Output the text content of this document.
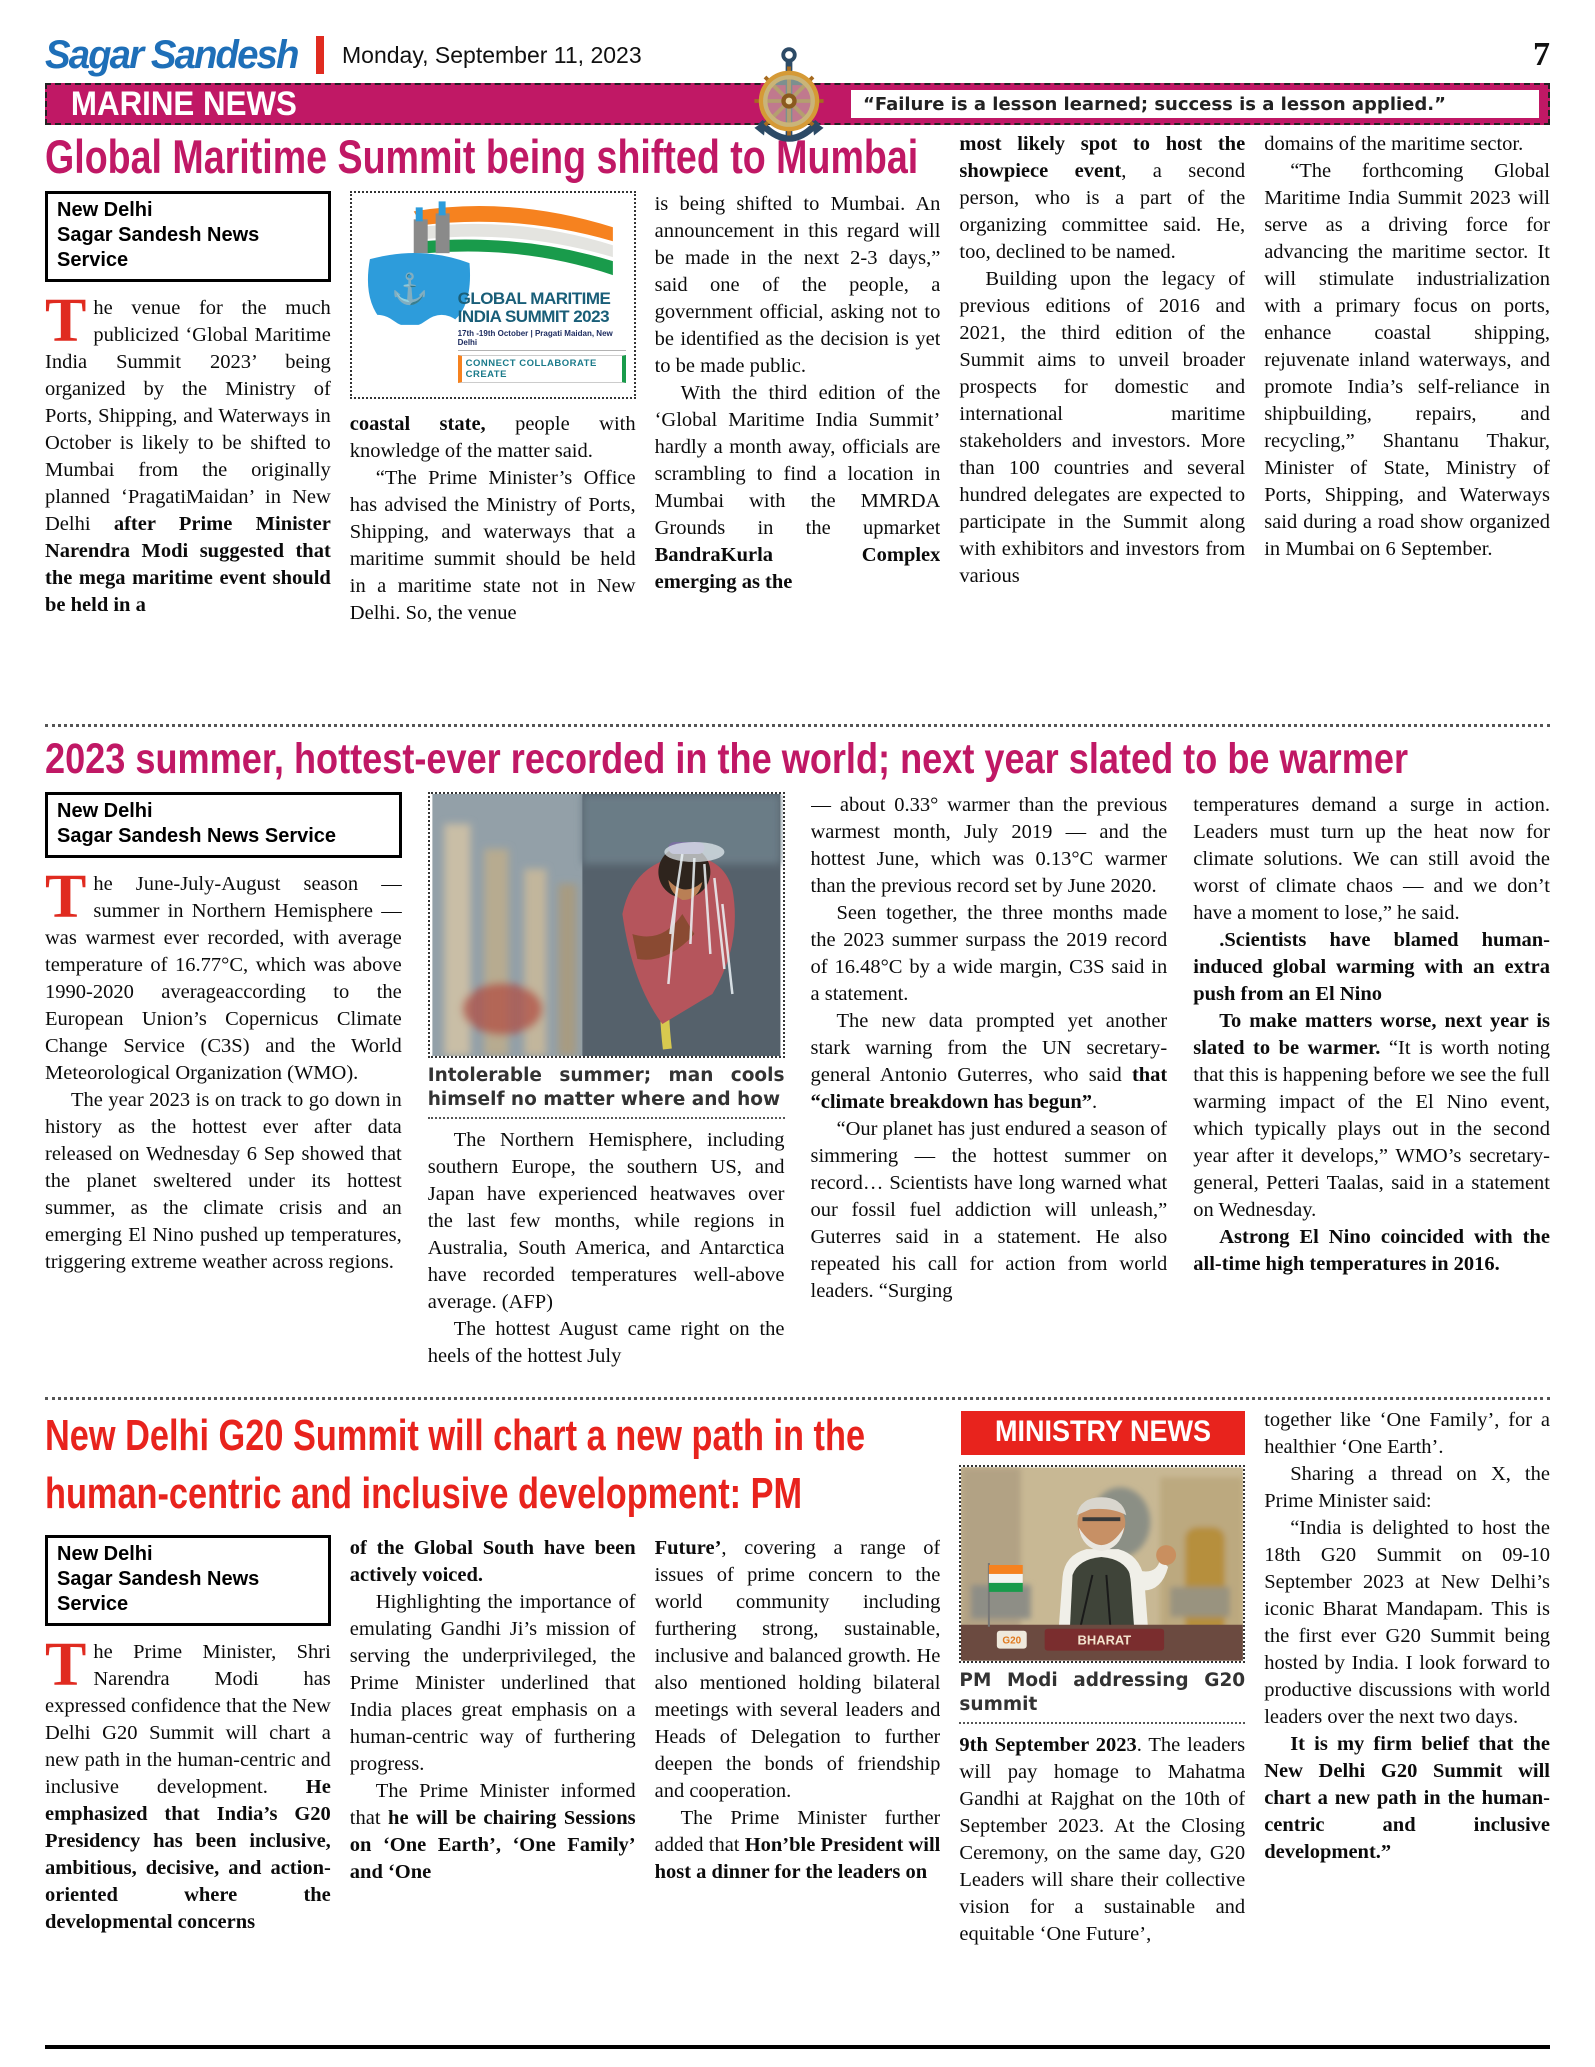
Sagar Sandesh Monday, September 11, 2023	7
MARINE NEWS	“Failure is a lesson learned; success is a lesson applied.”
Global Maritime Summit being shifted to Mumbai
New Delhi
Sagar Sandesh News Service

The venue for the much publicized ‘Global Maritime India Summit 2023’ being organized by the Ministry of Ports, Shipping, and Waterways in October is likely to be shifted to Mumbai from the originally planned ‘PragatiMaidan’ in New Delhi after Prime Minister Narendra Modi suggested that the mega maritime event should be held in a

⚓ GLOBAL MARITIME
INDIA SUMMIT 2023
17th -19th October | Pragati Maidan, New Delhi
CONNECT COLLABORATE CREATE

coastal state, people with knowledge of the matter said.

“The Prime Minister’s Office has advised the Ministry of Ports, Shipping, and waterways that a maritime summit should be held in a maritime state not in New Delhi. So, the venue

is being shifted to Mumbai. An announcement in this regard will be made in the next 2-3 days,” said one of the people, a government official, asking not to be identified as the decision is yet to be made public.

With the third edition of the ‘Global Maritime India Summit’ hardly a month away, officials are scrambling to find a location in Mumbai with the MMRDA Grounds in the upmarket BandraKurla Complex emerging as the

most likely spot to host the showpiece event, a second person, who is a part of the organizing committee said. He, too, declined to be named.

Building upon the legacy of previous editions of 2016 and 2021, the third edition of the Summit aims to unveil broader prospects for domestic and international maritime stakeholders and investors. More than 100 countries and several hundred delegates are expected to participate in the Summit along with exhibitors and investors from various

domains of the maritime sector.

“The forthcoming Global Maritime India Summit 2023 will serve as a driving force for advancing the maritime sector. It will stimulate industrialization with a primary focus on ports, enhance coastal shipping, rejuvenate inland waterways, and promote India’s self-reliance in shipbuilding, repairs, and recycling,” Shantanu Thakur, Minister of State, Ministry of Ports, Shipping, and Waterways said during a road show organized in Mumbai on 6 September.

2023 summer, hottest-ever recorded in the world; next year slated to be warmer
New Delhi
Sagar Sandesh News Service

The June-July-August season — summer in Northern Hemisphere — was warmest ever recorded, with average temperature of 16.77°C, which was above 1990-2020 averageaccording to the European Union’s Copernicus Climate Change Service (C3S) and the World Meteorological Organization (WMO).

The year 2023 is on track to go down in history as the hottest ever after data released on Wednesday 6 Sep showed that the planet sweltered under its hottest summer, as the climate crisis and an emerging El Nino pushed up temperatures, triggering extreme weather across regions.

Intolerable summer; man cools himself no matter where and how

The Northern Hemisphere, including southern Europe, the southern US, and Japan have experienced heatwaves over the last few months, while regions in Australia, South America, and Antarctica have recorded temperatures well-above average. (AFP)

The hottest August came right on the heels of the hottest July

— about 0.33° warmer than the previous warmest month, July 2019 — and the hottest June, which was 0.13°C warmer than the previous record set by June 2020.

Seen together, the three months made the 2023 summer surpass the 2019 record of 16.48°C by a wide margin, C3S said in a statement.

The new data prompted yet another stark warning from the UN secretary-general Antonio Guterres, who said that “climate breakdown has begun”.

“Our planet has just endured a season of simmering — the hottest summer on record… Scientists have long warned what our fossil fuel addiction will unleash,” Guterres said in a statement. He also repeated his call for action from world leaders. “Surging

temperatures demand a surge in action. Leaders must turn up the heat now for climate solutions. We can still avoid the worst of climate chaos — and we don’t have a moment to lose,” he said.

.Scientists have blamed human-induced global warming with an extra push from an El Nino

To make matters worse, next year is slated to be warmer. “It is worth noting that this is happening before we see the full warming impact of the El Nino event, which typically plays out in the second year after it develops,” WMO’s secretary-general, Petteri Taalas, said in a statement on Wednesday.

Astrong El Nino coincided with the all-time high temperatures in 2016.

New Delhi G20 Summit will chart a new path in the
human-centric and inclusive development: PM
New Delhi
Sagar Sandesh News Service

The Prime Minister, Shri Narendra Modi has expressed confidence that the New Delhi G20 Summit will chart a new path in the human-centric and inclusive development. He emphasized that India’s G20 Presidency has been inclusive, ambitious, decisive, and action-oriented where the developmental concerns

of the Global South have been actively voiced.

Highlighting the importance of emulating Gandhi Ji’s mission of serving the underprivileged, the Prime Minister underlined that India places great emphasis on a human-centric way of furthering progress.

The Prime Minister informed that he will be chairing Sessions on ‘One Earth’, ‘One Family’ and ‘One

Future’, covering a range of issues of prime concern to the world community including furthering strong, sustainable, inclusive and balanced growth. He also mentioned holding bilateral meetings with several leaders and Heads of Delegation to further deepen the bonds of friendship and cooperation.

The Prime Minister further added that Hon’ble President will host a dinner for the leaders on

MINISTRY NEWS
BHARAT
G20
PM Modi addressing G20 summit

9th September 2023. The leaders will pay homage to Mahatma Gandhi at Rajghat on the 10th of September 2023. At the Closing Ceremony, on the same day, G20 Leaders will share their collective vision for a sustainable and equitable ‘One Future’,

together like ‘One Family’, for a healthier ‘One Earth’.

Sharing a thread on X, the Prime Minister said:

“India is delighted to host the 18th G20 Summit on 09-10 September 2023 at New Delhi’s iconic Bharat Mandapam. This is the first ever G20 Summit being hosted by India. I look forward to productive discussions with world leaders over the next two days.

It is my firm belief that the New Delhi G20 Summit will chart a new path in the human-centric and inclusive development.”
